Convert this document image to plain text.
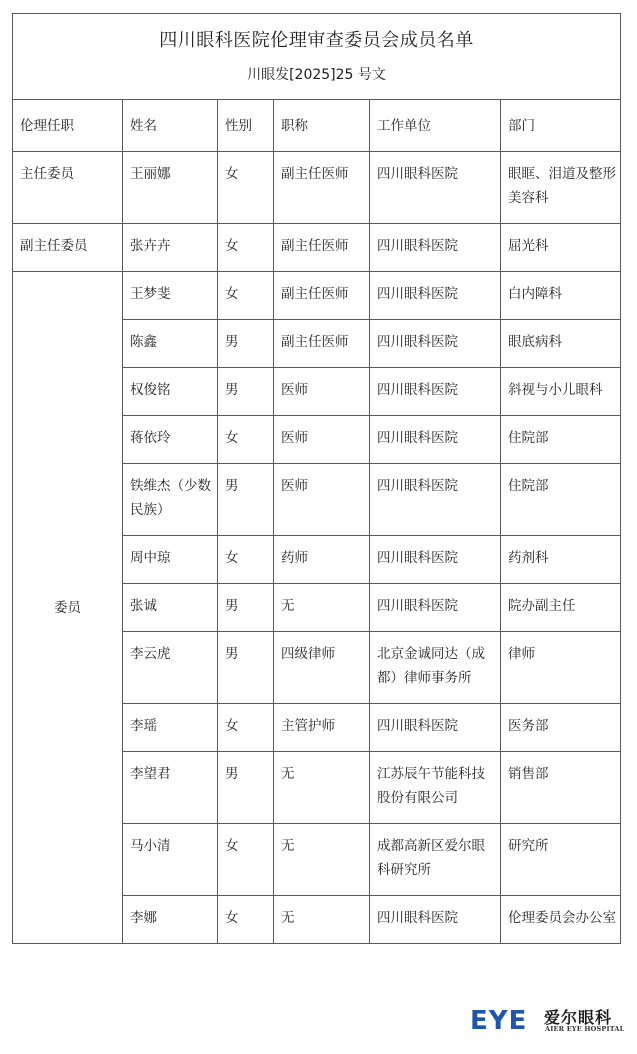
四川眼科医院伦理审查委员会成员名单
川眼发[2025]25 号文					

伦理任职	姓名	性别	职称	工作单位	部门
主任委员	王丽娜	女	副主任医师	四川眼科医院	眼眶、泪道及整形美容科
副主任委员	张卉卉	女	副主任医师	四川眼科医院	屈光科
委员	王梦斐	女	副主任医师	四川眼科医院	白内障科
	陈鑫	男	副主任医师	四川眼科医院	眼底病科
	权俊铭	男	医师	四川眼科医院	斜视与小儿眼科
	蒋依玲	女	医师	四川眼科医院	住院部
	铁维杰（少数民族）	男	医师	四川眼科医院	住院部
	周中琼	女	药师	四川眼科医院	药剂科
	张诚	男	无	四川眼科医院	院办副主任
	李云虎	男	四级律师	北京金诚同达（成都）律师事务所	律师
	李瑶	女	主管护师	四川眼科医院	医务部
	李望君	男	无	江苏辰午节能科技股份有限公司	销售部
	马小清	女	无	成都高新区爱尔眼科研究所	研究所
	李娜	女	无	四川眼科医院	伦理委员会办公室
EYE 爱尔眼科
AIER EYE HOSPITAL
